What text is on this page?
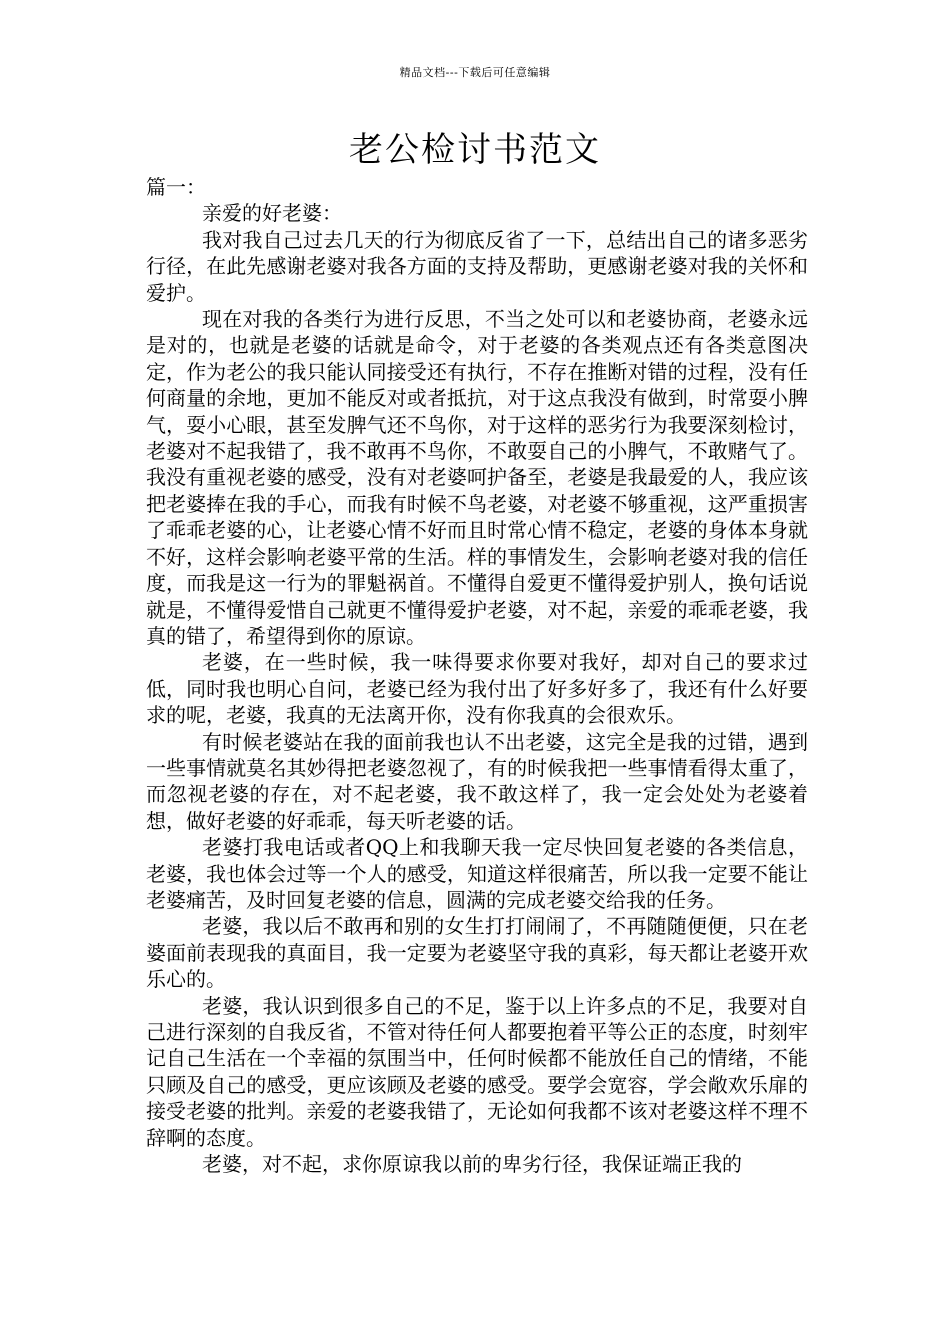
精品文档---下载后可任意编辑
老公检讨书范文

篇一：

亲爱的好老婆：

我对我自己过去几天的行为彻底反省了一下，总结出自己的诸多恶劣行径，在此先感谢老婆对我各方面的支持及帮助，更感谢老婆对我的关怀和爱护。

现在对我的各类行为进行反思，不当之处可以和老婆协商，老婆永远是对的，也就是老婆的话就是命令，对于老婆的各类观点还有各类意图决定，作为老公的我只能认同接受还有执行，不存在推断对错的过程，没有任何商量的余地，更加不能反对或者抵抗，对于这点我没有做到，时常耍小脾气，耍小心眼，甚至发脾气还不鸟你，对于这样的恶劣行为我要深刻检讨，老婆对不起我错了，我不敢再不鸟你，不敢耍自己的小脾气，不敢赌气了。我没有重视老婆的感受，没有对老婆呵护备至，老婆是我最爱的人，我应该把老婆捧在我的手心，而我有时候不鸟老婆，对老婆不够重视，这严重损害了乖乖老婆的心，让老婆心情不好而且时常心情不稳定，老婆的身体本身就不好，这样会影响老婆平常的生活。样的事情发生，会影响老婆对我的信任度，而我是这一行为的罪魁祸首。不懂得自爱更不懂得爱护别人，换句话说就是，不懂得爱惜自己就更不懂得爱护老婆，对不起，亲爱的乖乖老婆，我真的错了，希望得到你的原谅。

老婆，在一些时候，我一味得要求你要对我好，却对自己的要求过低，同时我也明心自问，老婆已经为我付出了好多好多了，我还有什么好要求的呢，老婆，我真的无法离开你，没有你我真的会很欢乐。

有时候老婆站在我的面前我也认不出老婆，这完全是我的过错，遇到一些事情就莫名其妙得把老婆忽视了，有的时候我把一些事情看得太重了，而忽视老婆的存在，对不起老婆，我不敢这样了，我一定会处处为老婆着想，做好老婆的好乖乖，每天听老婆的话。

老婆打我电话或者QQ上和我聊天我一定尽快回复老婆的各类信息，老婆，我也体会过等一个人的感受，知道这样很痛苦，所以我一定要不能让老婆痛苦，及时回复老婆的信息，圆满的完成老婆交给我的任务。

老婆，我以后不敢再和别的女生打打闹闹了，不再随随便便，只在老婆面前表现我的真面目，我一定要为老婆坚守我的真彩，每天都让老婆开欢乐心的。

老婆，我认识到很多自己的不足，鉴于以上许多点的不足，我要对自己进行深刻的自我反省，不管对待任何人都要抱着平等公正的态度，时刻牢记自己生活在一个幸福的氛围当中，任何时候都不能放任自己的情绪，不能只顾及自己的感受，更应该顾及老婆的感受。要学会宽容，学会敞欢乐扉的接受老婆的批判。亲爱的老婆我错了，无论如何我都不该对老婆这样不理不辞啊的态度。

老婆，对不起，求你原谅我以前的卑劣行径，我保证端正我的
